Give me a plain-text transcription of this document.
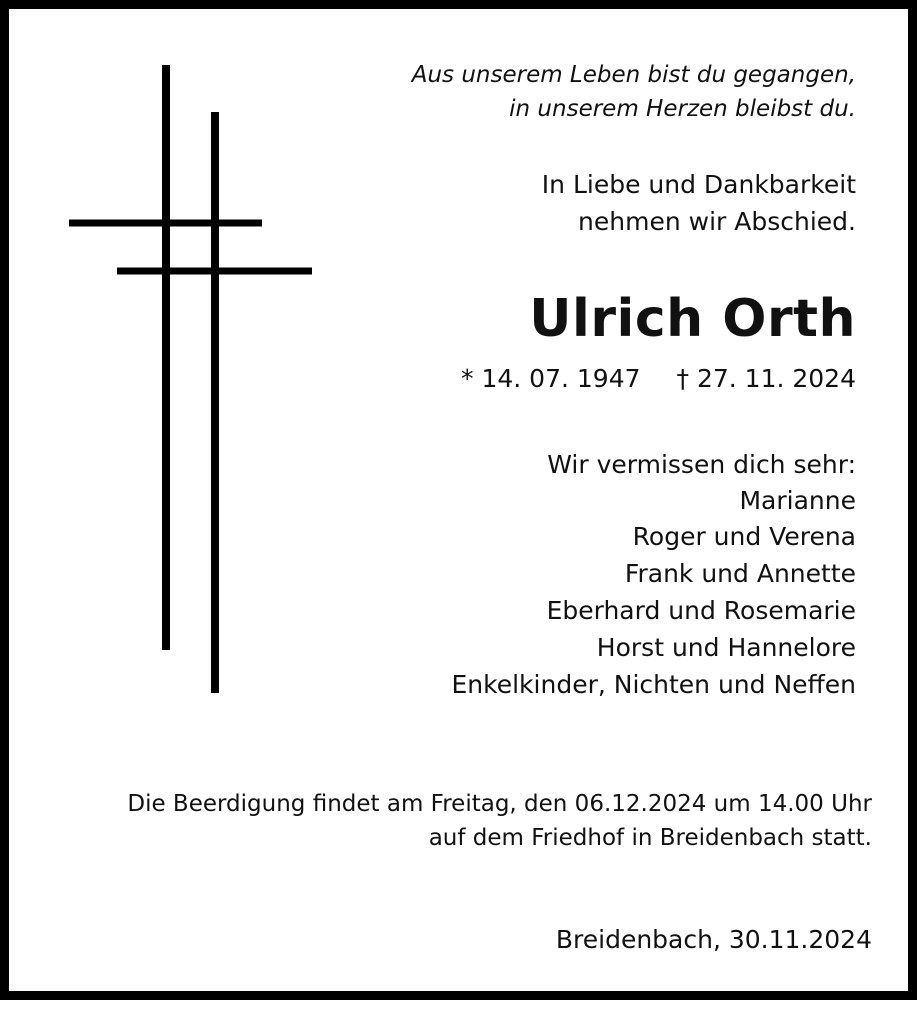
Aus unserem Leben bist du gegangen,
in unserem Herzen bleibst du.
In Liebe und Dankbarkeit
nehmen wir Abschied.
Ulrich Orth
* 14. 07. 1947 † 27. 11. 2024
Wir vermissen dich sehr:
Marianne
Roger und Verena
Frank und Annette
Eberhard und Rosemarie
Horst und Hannelore
Enkelkinder, Nichten und Neffen
Die Beerdigung findet am Freitag, den 06.12.2024 um 14.00 Uhr
auf dem Friedhof in Breidenbach statt.
Breidenbach, 30.11.2024
